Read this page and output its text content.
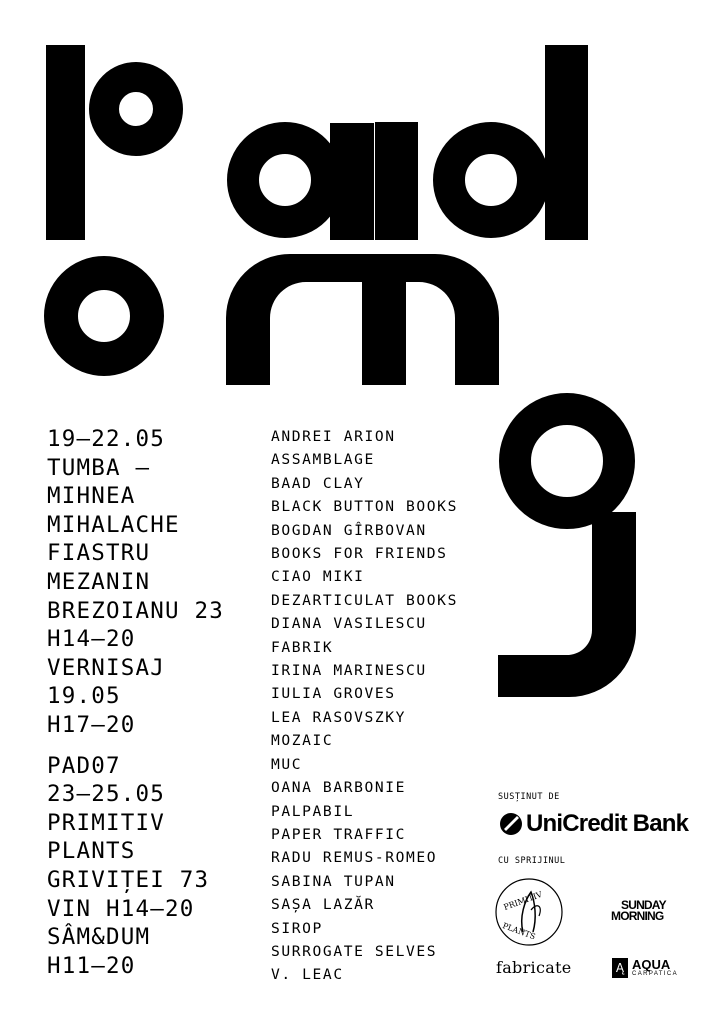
PRIMITIV
PLANTS
19–22.05
TUMBA –
MIHNEA
MIHALACHE
FIASTRU
MEZANIN
BREZOIANU 23
H14–20
VERNISAJ
19.05
H17–20
PAD07
23–25.05
PRIMITIV
PLANTS
GRIVIȚEI 73
VIN H14–20
SÂM&DUM
H11–20
ANDREI ARION
ASSAMBLAGE
BAAD CLAY
BLACK BUTTON BOOKS
BOGDAN GÎRBOVAN
BOOKS FOR FRIENDS
CIAO MIKI
DEZARTICULAT BOOKS
DIANA VASILESCU
FABRIK
IRINA MARINESCU
IULIA GROVES
LEA RASOVSZKY
MOZAIC
MUC
OANA BARBONIE
PALPABIL
PAPER TRAFFIC
RADU REMUS-ROMEO
SABINA TUPAN
SAȘA LAZĂR
SIROP
SURROGATE SELVES
V. LEAC
SUSȚINUT DE
UniCredit Bank
CU SPRIJINUL
SUNDAY
MORNING
fabricate	Ą AQUA
CARPATICA
